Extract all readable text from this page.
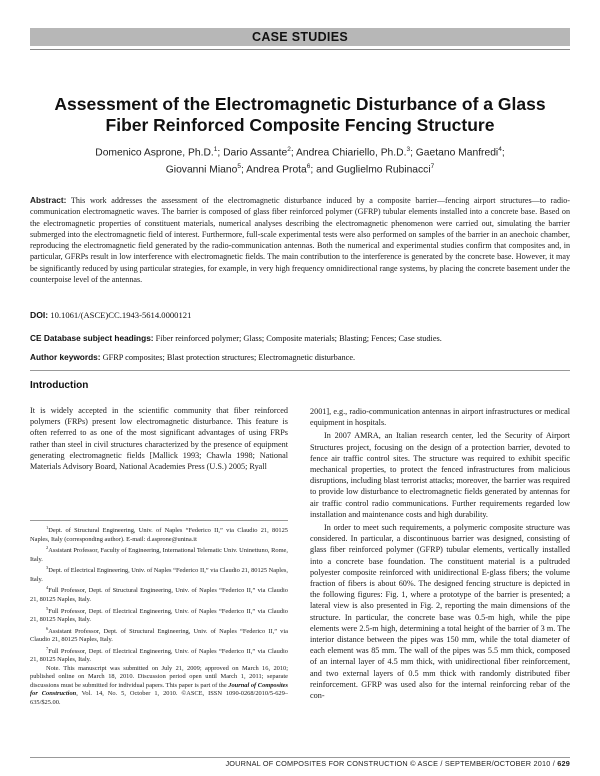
CASE STUDIES
Assessment of the Electromagnetic Disturbance of a Glass
Fiber Reinforced Composite Fencing Structure
Domenico Asprone, Ph.D.$^1$; Dario Assante$^2$; Andrea Chiariello, Ph.D.$^3$; Gaetano Manfredi$^4$;
Giovanni Miano$^5$; Andrea Prota$^6$; and Guglielmo Rubinacci$^7$
Abstract: This work addresses the assessment of the electromagnetic disturbance induced by a composite barrier—fencing airport structures—to radio-communication electromagnetic waves. The barrier is composed of glass fiber reinforced polymer (GFRP) tubular elements installed into a concrete base. Based on the electromagnetic properties of constituent materials, numerical analyses describing the electromagnetic phenomenon were carried out, simulating the barrier submerged into the electromagnetic field of interest. Furthermore, full-scale experimental tests were also performed on samples of the barrier in an anechoic chamber, reproducing the electromagnetic field generated by the radio-communication antennas. Both the numerical and experimental studies confirm that composites and, in particular, GFRPs result in low interference with electromagnetic fields. The main contribution to the interference is generated by the concrete base. However, it may be significantly reduced by using particular strategies, for example, in very high frequency omnidirectional range systems, by placing the concrete basement under the counterpoise level of the antennas.
DOI: 10.1061/(ASCE)CC.1943-5614.0000121
CE Database subject headings: Fiber reinforced polymer; Glass; Composite materials; Blasting; Fences; Case studies.
Author keywords: GFRP composites; Blast protection structures; Electromagnetic disturbance.
Introduction

It is widely accepted in the scientific community that fiber reinforced polymers (FRPs) present low electromagnetic disturbance. This feature is often referred to as one of the most significant advantages of using FRPs rather than steel in civil structures characterized by the presence of equipment generating electromagnetic fields [Mallick 1993; Chawla 1998; National Materials Advisory Board, National Academies Press (U.S.) 2005; Ryall

$^1$Dept. of Structural Engineering, Univ. of Naples “Federico II,” via Claudio 21, 80125 Naples, Italy (corresponding author). E-mail: d.asprone@unina.it

$^2$Assistant Professor, Faculty of Engineering, International Telematic Univ. Uninettuno, Rome, Italy.

$^3$Dept. of Electrical Engineering, Univ. of Naples “Federico II,” via Claudio 21, 80125 Naples, Italy.

$^4$Full Professor, Dept. of Structural Engineering, Univ. of Naples “Federico II,” via Claudio 21, 80125 Naples, Italy.

$^5$Full Professor, Dept. of Electrical Engineering, Univ. of Naples “Federico II,” via Claudio 21, 80125 Naples, Italy.

$^6$Assistant Professor, Dept. of Structural Engineering, Univ. of Naples “Federico II,” via Claudio 21, 80125 Naples, Italy.

$^7$Full Professor, Dept. of Electrical Engineering, Univ. of Naples “Federico II,” via Claudio 21, 80125 Naples, Italy.

Note. This manuscript was submitted on July 21, 2009; approved on March 16, 2010; published online on March 18, 2010. Discussion period open until March 1, 2011; separate discussions must be submitted for individual papers. This paper is part of the Journal of Composites for Construction, Vol. 14, No. 5, October 1, 2010. ©ASCE, ISSN 1090-0268/2010/5-629–635/$25.00.

2001], e.g., radio-communication antennas in airport infrastructures or medical equipment in hospitals.

In 2007 AMRA, an Italian research center, led the Security of Airport Structures project, focusing on the design of a protection barrier, devoted to fence air traffic control sites. The structure was required to exhibit specific mechanical properties, to protect the fenced infrastructures from malicious disruptions, including blast terrorist attacks; moreover, the barrier was required to provide low disturbance to electromagnetic fields generated by antennas for air traffic control radio communications. Further requirements regarded low installation and maintenance costs and high durability.

In order to meet such requirements, a polymeric composite structure was considered. In particular, a discontinuous barrier was designed, consisting of glass fiber reinforced polymer (GFRP) tubular elements, vertically installed into a concrete base foundation. The constituent material is a pultruded polyester composite reinforced with unidirectional E-glass fibers; the volume fraction of fibers is about 60%. The designed fencing structure is depicted in the following figures: Fig. 1, where a prototype of the barrier is presented; a lateral view is also presented in Fig. 2, reporting the main dimensions of the structure. In particular, the concrete base was 0.5-m high, while the pipe elements were 2.5-m high, determining a total height of the barrier of 3 m. The interior distance between the pipes was 150 mm, while the total diameter of each element was 85 mm. The wall of the pipes was 5.5 mm thick, composed of an internal layer of 4.5 mm thick, with unidirectional fiber reinforcement, and two external layers of 0.5 mm thick with randomly distributed fiber reinforcement. GFRP was used also for the internal reinforcing rebar of the con-

JOURNAL OF COMPOSITES FOR CONSTRUCTION © ASCE / SEPTEMBER/OCTOBER 2010 / 629
